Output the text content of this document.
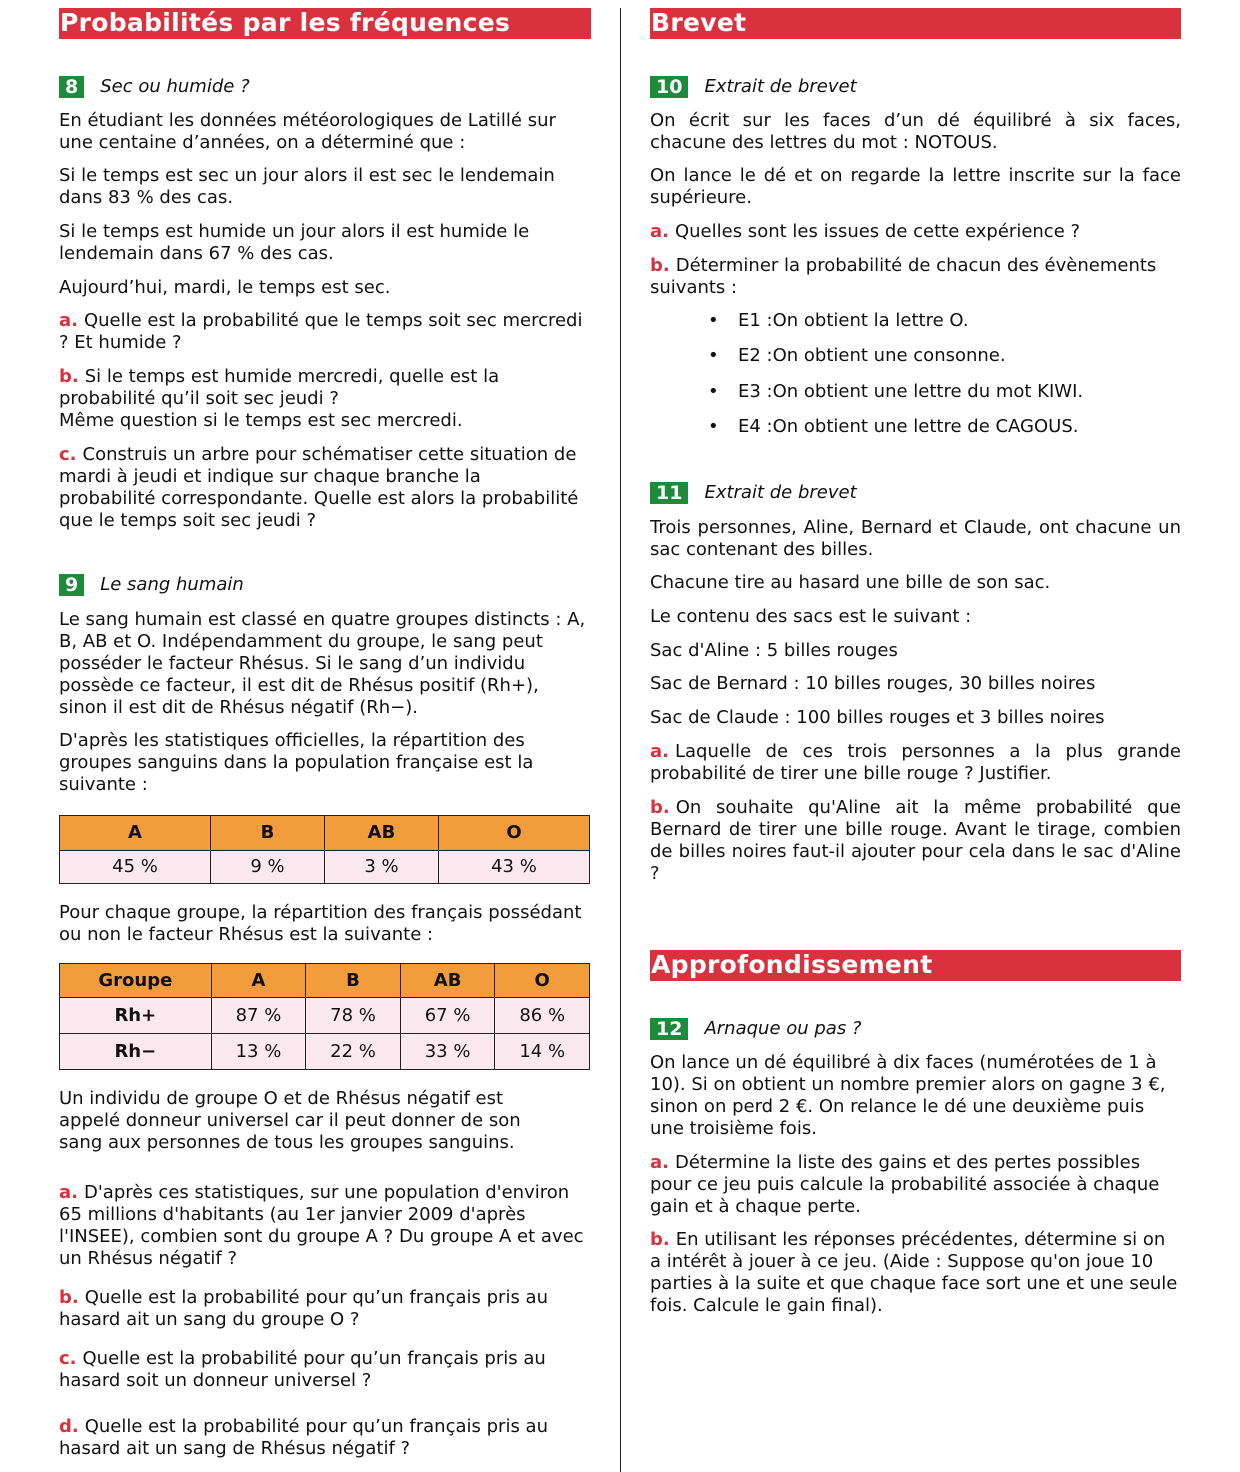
Probabilités par les fréquences
8	Sec ou humide ?
En étudiant les données météorologiques de Latillé sur une centaine d’années, on a déterminé que :
Si le temps est sec un jour alors il est sec le lendemain dans 83 % des cas.
Si le temps est humide un jour alors il est humide le lendemain dans 67 % des cas.
Aujourd’hui, mardi, le temps est sec.
a. Quelle est la probabilité que le temps soit sec mercredi ? Et humide ?
b. Si le temps est humide mercredi, quelle est la probabilité qu’il soit sec jeudi ?
Même question si le temps est sec mercredi.
c. Construis un arbre pour schématiser cette situation de mardi à jeudi et indique sur chaque branche la probabilité correspondante. Quelle est alors la probabilité que le temps soit sec jeudi ?
9	Le sang humain
Le sang humain est classé en quatre groupes distincts : A, B, AB et O. Indépendamment du groupe, le sang peut posséder le facteur Rhésus. Si le sang d’un individu possède ce facteur, il est dit de Rhésus positif (Rh+), sinon il est dit de Rhésus négatif (Rh−).
D'après les statistiques officielles, la répartition des groupes sanguins dans la population française est la suivante :
A	B	AB	O
45 %	9 %	3 %	43 %
Pour chaque groupe, la répartition des français possédant ou non le facteur Rhésus est la suivante :
Groupe	A	B	AB	O
Rh+	87 %	78 %	67 %	86 %
Rh−	13 %	22 %	33 %	14 %
Un individu de groupe O et de Rhésus négatif est appelé donneur universel car il peut donner de son sang aux personnes de tous les groupes sanguins.
a. D'après ces statistiques, sur une population d'environ 65 millions d'habitants (au 1er janvier 2009 d'après l'INSEE), combien sont du groupe A ? Du groupe A et avec un Rhésus négatif ?
b. Quelle est la probabilité pour qu’un français pris au hasard ait un sang du groupe O ?
c. Quelle est la probabilité pour qu’un français pris au hasard soit un donneur universel ?
d. Quelle est la probabilité pour qu’un français pris au hasard ait un sang de Rhésus négatif ?
Brevet
10	Extrait de brevet
On écrit sur les faces d’un dé équilibré à six faces, chacune des lettres du mot : NOTOUS.
On lance le dé et on regarde la lettre inscrite sur la face supérieure.
a. Quelles sont les issues de cette expérience ?
b. Déterminer la probabilité de chacun des évènements suivants :
• E1 :On obtient la lettre O.
• E2 :On obtient une consonne.
• E3 :On obtient une lettre du mot KIWI.
• E4 :On obtient une lettre de CAGOUS.
11	Extrait de brevet
Trois personnes, Aline, Bernard et Claude, ont chacune un sac contenant des billes.
Chacune tire au hasard une bille de son sac.
Le contenu des sacs est le suivant :
Sac d'Aline : 5 billes rouges
Sac de Bernard : 10 billes rouges, 30 billes noires
Sac de Claude : 100 billes rouges et 3 billes noires
a. Laquelle de ces trois personnes a la plus grande probabilité de tirer une bille rouge ? Justifier.
b. On souhaite qu'Aline ait la même probabilité que Bernard de tirer une bille rouge. Avant le tirage, combien de billes noires faut-il ajouter pour cela dans le sac d'Aline ?
Approfondissement
12	Arnaque ou pas ?
On lance un dé équilibré à dix faces (numérotées de 1 à 10). Si on obtient un nombre premier alors on gagne 3 €, sinon on perd 2 €. On relance le dé une deuxième puis une troisième fois.
a. Détermine la liste des gains et des pertes possibles pour ce jeu puis calcule la probabilité associée à chaque gain et à chaque perte.
b. En utilisant les réponses précédentes, détermine si on a intérêt à jouer à ce jeu. (Aide : Suppose qu'on joue 10 parties à la suite et que chaque face sort une et une seule fois. Calcule le gain final).
